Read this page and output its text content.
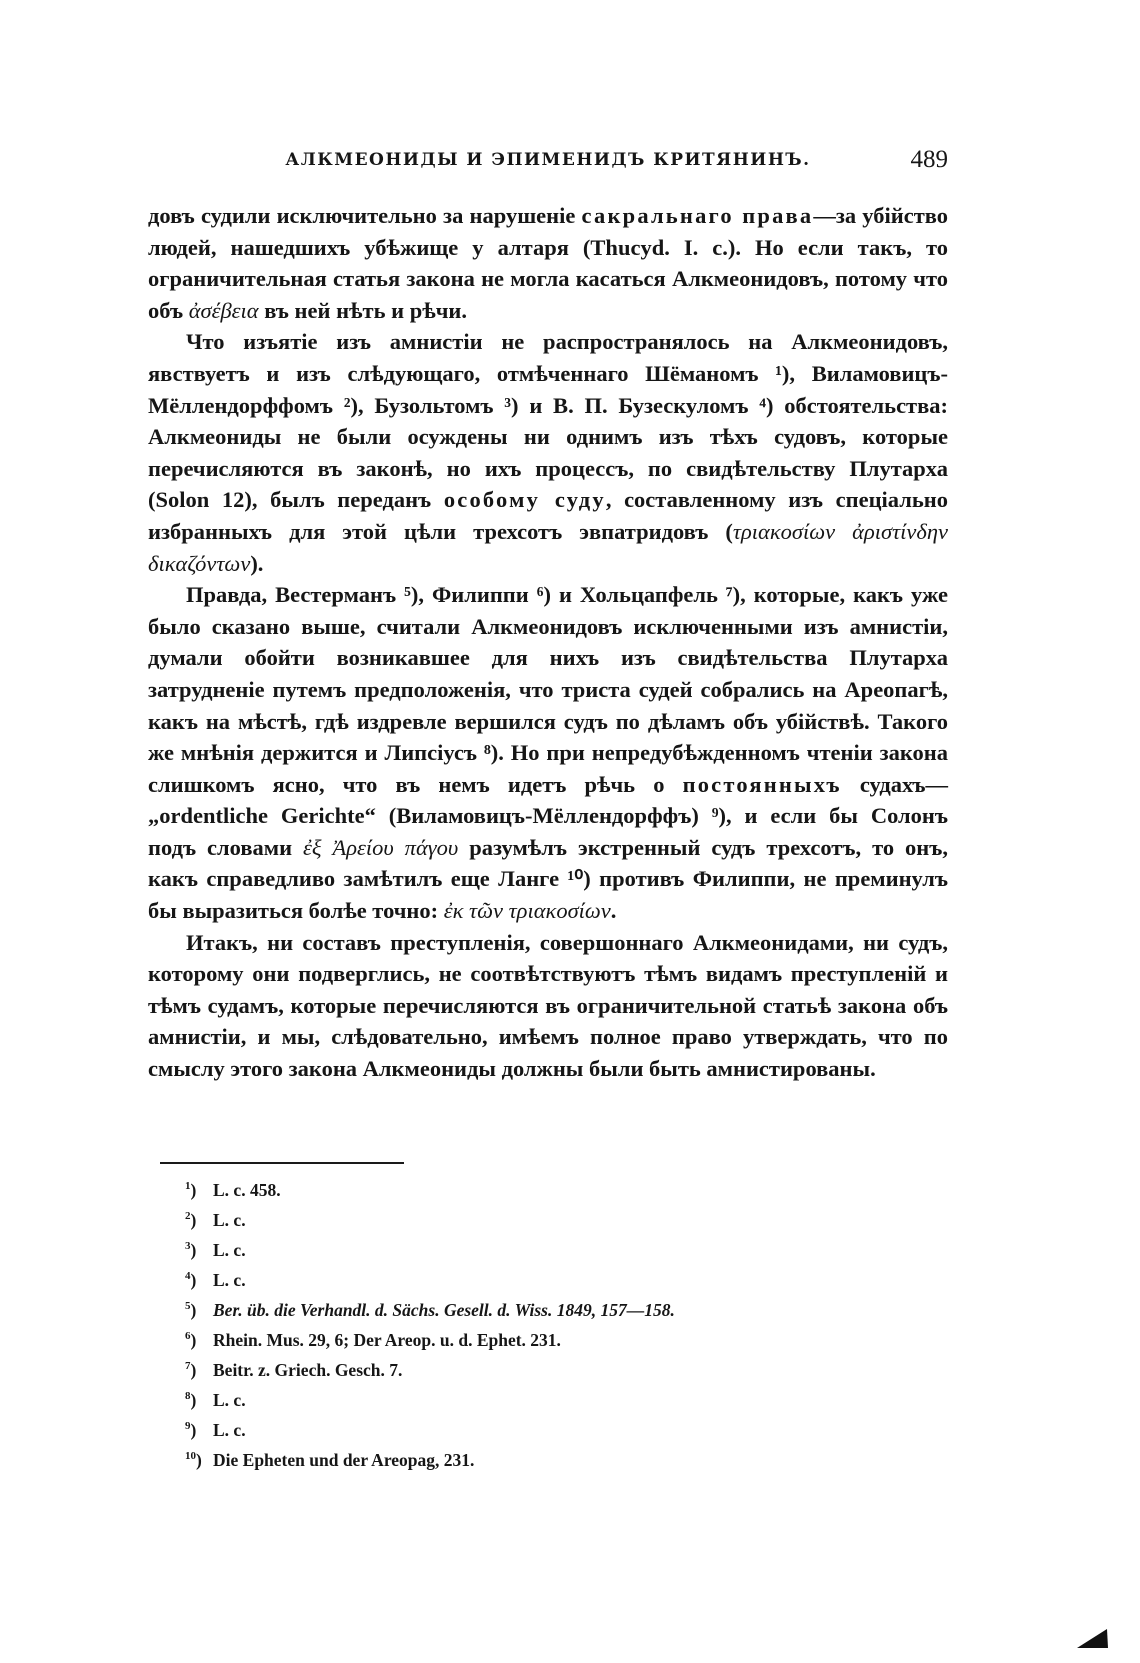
АЛКМЕОНИДЫ И ЭПИМЕНИДЪ КРИТЯНИНЪ.	489

довъ судили исключительно за нарушеніе сакральнаго права—за убійство людей, нашедшихъ убѣжище у алтаря (Thucyd. I. c.). Но если такъ, то ограничительная статья закона не могла касаться Алкмеонидовъ, потому что объ ἀσέβεια въ ней нѣть и рѣчи.

Что изъятіе изъ амнистіи не распространялось на Алкмеонидовъ, явствуетъ и изъ слѣдующаго, отмѣченнаго Шёманомъ ¹), Виламовицъ-Мёллендорффомъ ²), Бузольтомъ ³) и В. П. Бузескуломъ ⁴) обстоятельства: Алкмеониды не были осуждены ни однимъ изъ тѣхъ судовъ, которые перечисляются въ законѣ, но ихъ процессъ, по свидѣтельству Плутарха (Solon 12), былъ переданъ особому суду, составленному изъ спеціально избранныхъ для этой цѣли трехсотъ эвпатридовъ (τριακοσίων ἀριστίνδην δικαζόντων).

Правда, Вестерманъ ⁵), Филиппи ⁶) и Хольцапфель ⁷), которые, какъ уже было сказано выше, считали Алкмеонидовъ исключенными изъ амнистіи, думали обойти возникавшее для нихъ изъ свидѣтельства Плутарха затрудненіе путемъ предположенія, что триста судей собрались на Ареопагѣ, какъ на мѣстѣ, гдѣ издревле вершился судъ по дѣламъ объ убійствѣ. Такого же мнѣнія держится и Липсіусъ ⁸). Но при непредубѣжденномъ чтеніи закона слишкомъ ясно, что въ немъ идетъ рѣчь о постоянныхъ судахъ—„ordentliche Gerichte“ (Виламовицъ-Мёллендорффъ) ⁹), и если бы Солонъ подъ словами ἐξ Ἀρείου πάγου разумѣлъ экстренный судъ трехсотъ, то онъ, какъ справедливо замѣтилъ еще Ланге ¹⁰) противъ Филиппи, не преминулъ бы выразиться болѣе точно: ἐκ τῶν τριακοσίων.

Итакъ, ни составъ преступленія, совершоннаго Алкмеонидами, ни судъ, которому они подверглись, не соотвѣтствуютъ тѣмъ видамъ преступленій и тѣмъ судамъ, которые перечисляются въ ограничительной статьѣ закона объ амнистіи, и мы, слѣдовательно, имѣемъ полное право утверждать, что по смыслу этого закона Алкмеониды должны были быть амнистированы.

$^1$) L. c. 458.
$^2$) L. c.
$^3$) L. c.
$^4$) L. c.
$^5$) Ber. üb. die Verhandl. d. Sächs. Gesell. d. Wiss. 1849, 157—158.
$^6$) Rhein. Mus. 29, 6; Der Areop. u. d. Ephet. 231.
$^7$) Beitr. z. Griech. Gesch. 7.
$^8$) L. c.
$^9$) L. c.
$^{10}$) Die Epheten und der Areopag, 231.
